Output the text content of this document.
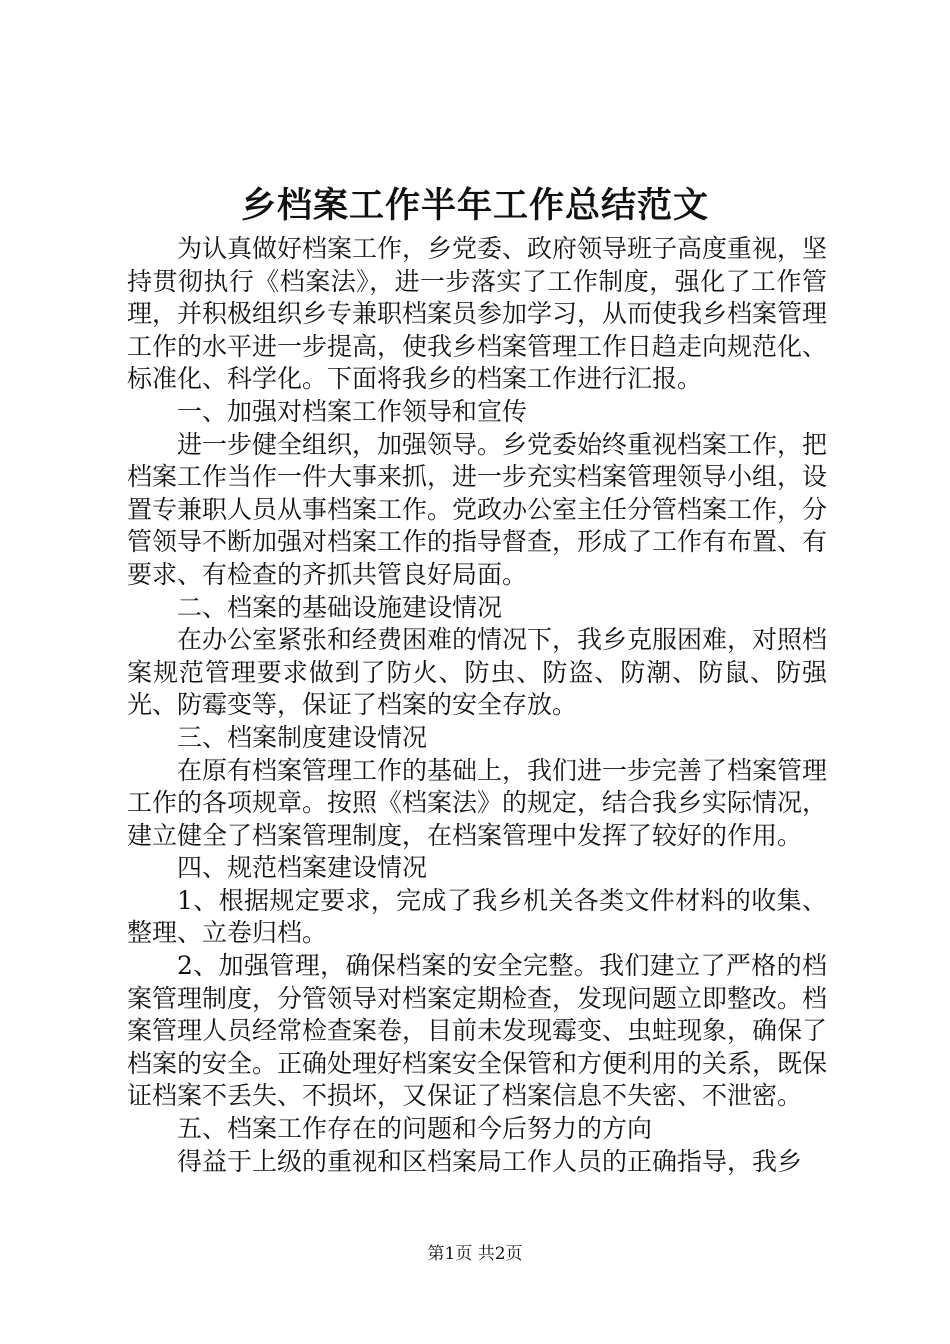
乡档案工作半年工作总结范文

为认真做好档案工作，乡党委、政府领导班子高度重视，坚持贯彻执行《档案法》，进一步落实了工作制度，强化了工作管理，并积极组织乡专兼职档案员参加学习，从而使我乡档案管理工作的水平进一步提高，使我乡档案管理工作日趋走向规范化、标准化、科学化。下面将我乡的档案工作进行汇报。

一、加强对档案工作领导和宣传

进一步健全组织，加强领导。乡党委始终重视档案工作，把档案工作当作一件大事来抓，进一步充实档案管理领导小组，设置专兼职人员从事档案工作。党政办公室主任分管档案工作，分管领导不断加强对档案工作的指导督查，形成了工作有布置、有要求、有检查的齐抓共管良好局面。

二、档案的基础设施建设情况

在办公室紧张和经费困难的情况下，我乡克服困难，对照档案规范管理要求做到了防火、防虫、防盗、防潮、防鼠、防强光、防霉变等，保证了档案的安全存放。

三、档案制度建设情况

在原有档案管理工作的基础上，我们进一步完善了档案管理工作的各项规章。按照《档案法》的规定，结合我乡实际情况，建立健全了档案管理制度，在档案管理中发挥了较好的作用。

四、规范档案建设情况

1、根据规定要求，完成了我乡机关各类文件材料的收集、整理、立卷归档。

2、加强管理，确保档案的安全完整。我们建立了严格的档案管理制度，分管领导对档案定期检查，发现问题立即整改。档案管理人员经常检查案卷，目前未发现霉变、虫蛀现象，确保了档案的安全。正确处理好档案安全保管和方便利用的关系，既保证档案不丢失、不损坏，又保证了档案信息不失密、不泄密。

五、档案工作存在的问题和今后努力的方向

得益于上级的重视和区档案局工作人员的正确指导，我乡

第1页 共2页
